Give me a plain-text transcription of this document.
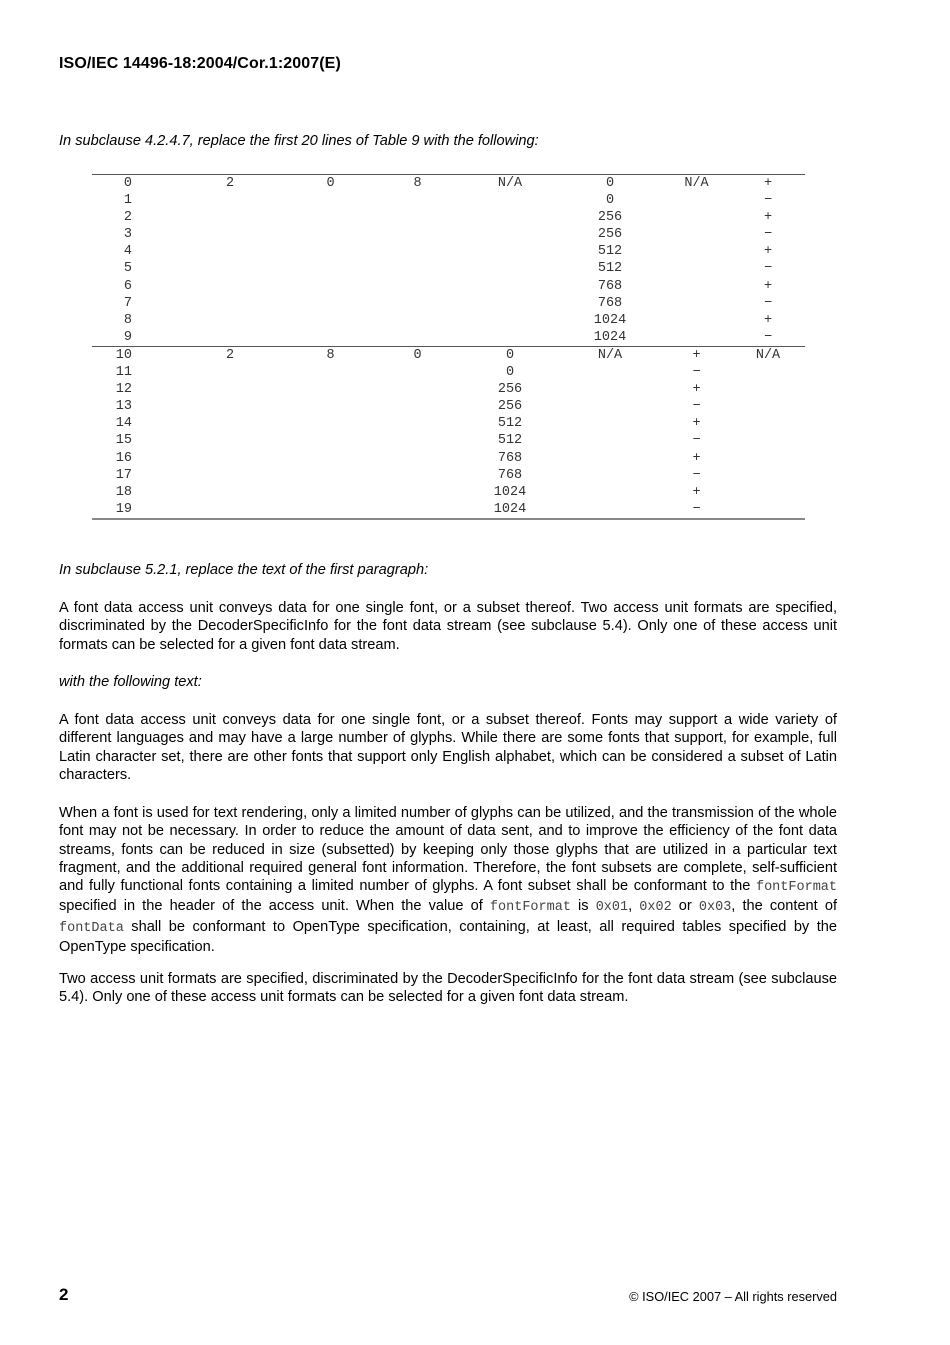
ISO/IEC 14496-18:2004/Cor.1:2007(E)
In subclause 4.2.4.7, replace the first 20 lines of Table 9 with the following:
0	2	0	8	N/A	0	N/A	+
1					0		−
2					256		+
3					256		−
4					512		+
5					512		−
6					768		+
7					768		−
8					1024		+
9					1024		−
10	2	8	0	0	N/A	+	N/A
11				0		−	
12				256		+	
13				256		−	
14				512		+	
15				512		−	
16				768		+	
17				768		−	
18				1024		+	
19				1024		−	
In subclause 5.2.1, replace the text of the first paragraph:

A font data access unit conveys data for one single font, or a subset thereof. Two access unit formats are specified, discriminated by the DecoderSpecificInfo for the font data stream (see subclause 5.4). Only one of these access unit formats can be selected for a given font data stream.

with the following text:

A font data access unit conveys data for one single font, or a subset thereof. Fonts may support a wide variety of different languages and may have a large number of glyphs. While there are some fonts that support, for example, full Latin character set, there are other fonts that support only English alphabet, which can be considered a subset of Latin characters.

When a font is used for text rendering, only a limited number of glyphs can be utilized, and the transmission of the whole font may not be necessary. In order to reduce the amount of data sent, and to improve the efficiency of the font data streams, fonts can be reduced in size (subsetted) by keeping only those glyphs that are utilized in a particular text fragment, and the additional required general font information. Therefore, the font subsets are complete, self-sufficient and fully functional fonts containing a limited number of glyphs. A font subset shall be conformant to the fontFormat specified in the header of the access unit. When the value of fontFormat is 0x01, 0x02 or 0x03, the content of fontData shall be conformant to OpenType specification, containing, at least, all required tables specified by the OpenType specification.

Two access unit formats are specified, discriminated by the DecoderSpecificInfo for the font data stream (see subclause 5.4). Only one of these access unit formats can be selected for a given font data stream.

2	© ISO/IEC 2007 – All rights reserved
